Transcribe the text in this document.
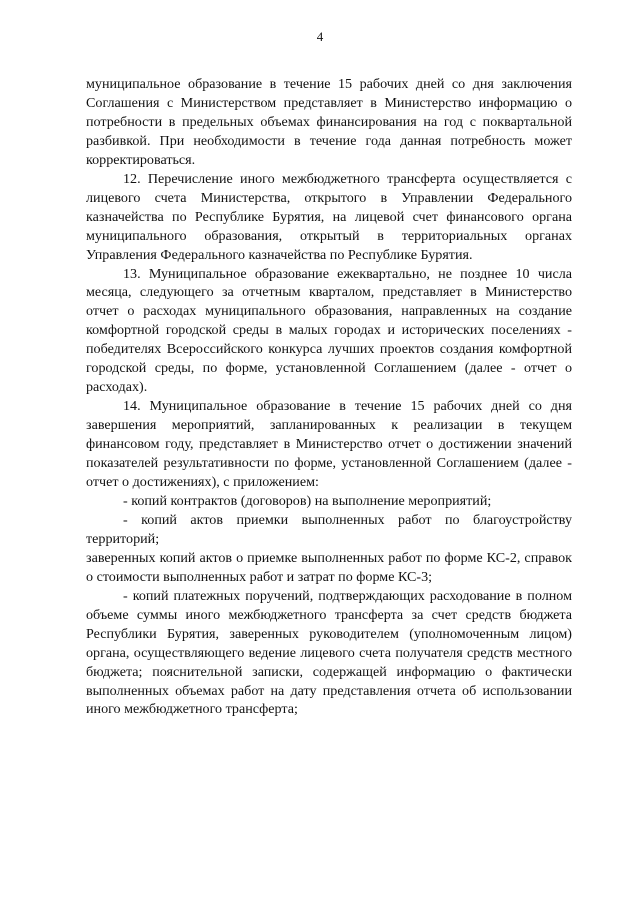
4

муниципальное образование в течение 15 рабочих дней со дня заключения Соглашения с Министерством представляет в Министерство информацию о потребности в предельных объемах финансирования на год с поквартальной разбивкой. При необходимости в течение года данная потребность может корректироваться.

12. Перечисление иного межбюджетного трансферта осуществляется с лицевого счета Министерства, открытого в Управлении Федерального казначейства по Республике Бурятия, на лицевой счет финансового органа муниципального образования, открытый в территориальных органах Управления Федерального казначейства по Республике Бурятия.

13. Муниципальное образование ежеквартально, не позднее 10 числа месяца, следующего за отчетным кварталом, представляет в Министерство отчет о расходах муниципального образования, направленных на создание комфортной городской среды в малых городах и исторических поселениях - победителях Всероссийского конкурса лучших проектов создания комфортной городской среды, по форме, установленной Соглашением (далее - отчет о расходах).

14. Муниципальное образование в течение 15 рабочих дней со дня завершения мероприятий, запланированных к реализации в текущем финансовом году, представляет в Министерство отчет о достижении значений показателей результативности по форме, установленной Соглашением (далее - отчет о достижениях), с приложением:

- копий контрактов (договоров) на выполнение мероприятий;

- копий актов приемки выполненных работ по благоустройству территорий;

заверенных копий актов о приемке выполненных работ по форме КС-2, справок о стоимости выполненных работ и затрат по форме КС-3;

- копий платежных поручений, подтверждающих расходование в полном объеме суммы иного межбюджетного трансферта за счет средств бюджета Республики Бурятия, заверенных руководителем (уполномоченным лицом) органа, осуществляющего ведение лицевого счета получателя средств местного бюджета; пояснительной записки, содержащей информацию о фактически выполненных объемах работ на дату представления отчета об использовании иного межбюджетного трансферта;
